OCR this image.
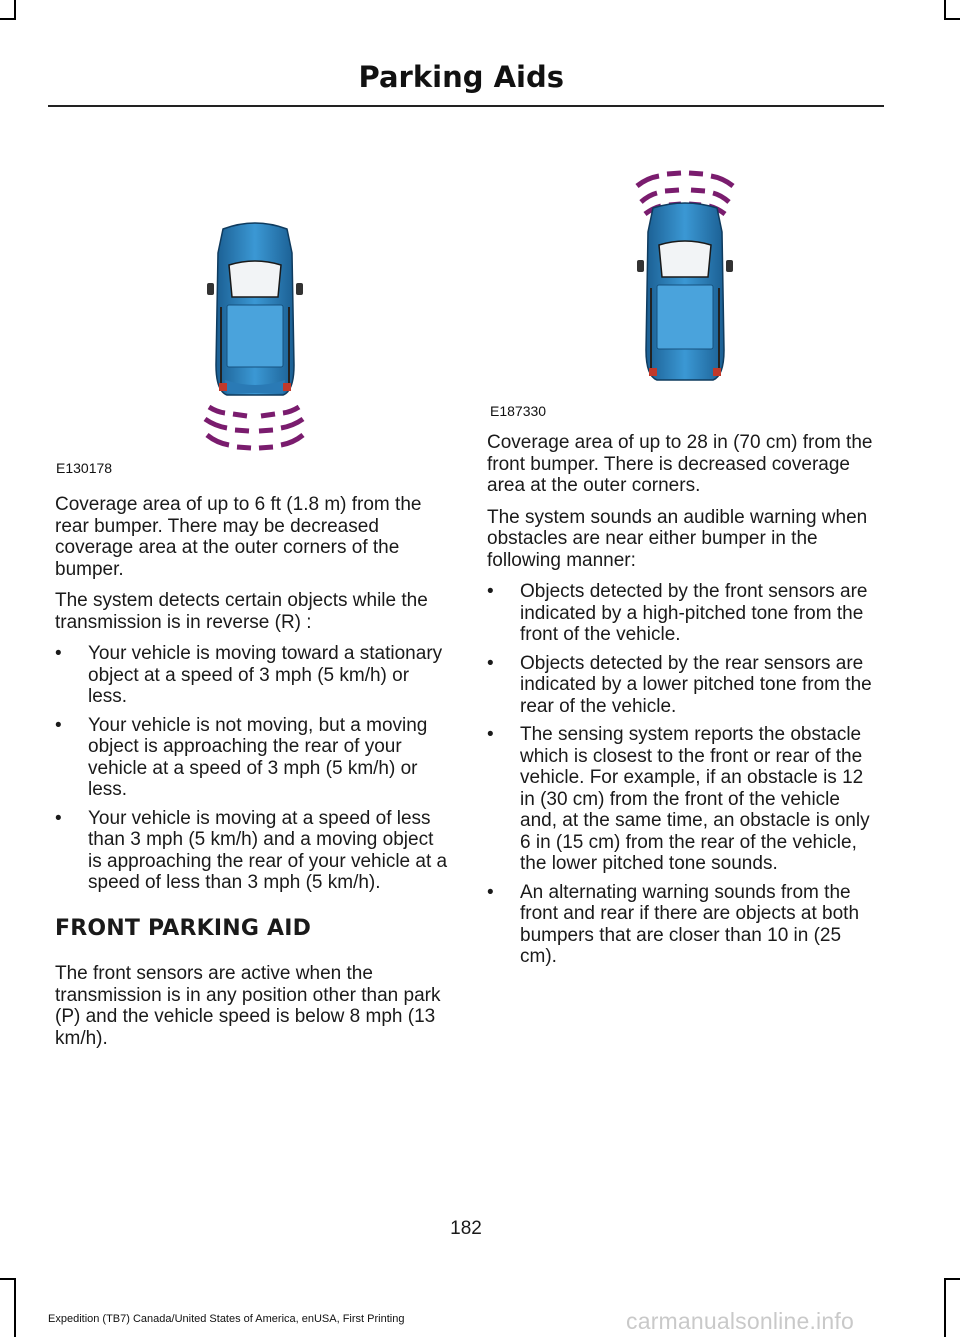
Parking Aids
E130178
E187330

Coverage area of up to 6 ft (1.8 m) from the rear bumper. There may be decreased coverage area at the outer corners of the bumper.

The system detects certain objects while the transmission is in reverse (R) :

• Your vehicle is moving toward a stationary object at a speed of 3 mph (5 km/h) or less.
• Your vehicle is not moving, but a moving object is approaching the rear of your vehicle at a speed of 3 mph (5 km/h) or less.
• Your vehicle is moving at a speed of less than 3 mph (5 km/h) and a moving object is approaching the rear of your vehicle at a speed of less than 3 mph (5 km/h).
FRONT PARKING AID

The front sensors are active when the transmission is in any position other than park (P) and the vehicle speed is below 8 mph (13 km/h).

Coverage area of up to 28 in (70 cm) from the front bumper. There is decreased coverage area at the outer corners.

The system sounds an audible warning when obstacles are near either bumper in the following manner:

• Objects detected by the front sensors are indicated by a high-pitched tone from the front of the vehicle.
• Objects detected by the rear sensors are indicated by a lower pitched tone from the rear of the vehicle.
• The sensing system reports the obstacle which is closest to the front or rear of the vehicle. For example, if an obstacle is 12 in (30 cm) from the front of the vehicle and, at the same time, an obstacle is only 6 in (15 cm) from the rear of the vehicle, the lower pitched tone sounds.
• An alternating warning sounds from the front and rear if there are objects at both bumpers that are closer than 10 in (25 cm).
182
Expedition (TB7) Canada/United States of America, enUSA, First Printing	carmanualsonline.info
